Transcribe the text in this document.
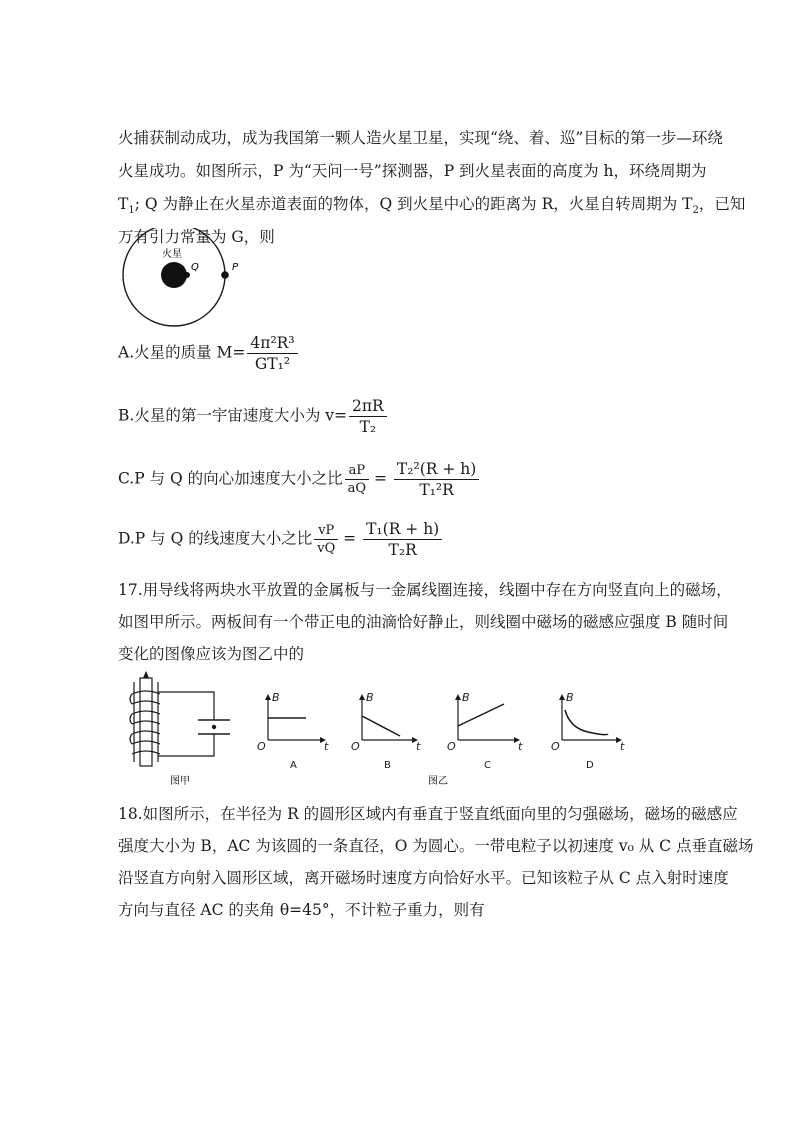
火捕获制动成功，成为我国第一颗人造火星卫星，实现“绕、着、巡”目标的第一步—环绕
火星成功。如图所示，P 为“天问一号”探测器，P 到火星表面的高度为 h，环绕周期为
$T_1$; Q 为静止在火星赤道表面的物体，Q 到火星中心的距离为 R，火星自转周期为 $T_2$，已知
万有引力常量为 G，则
火星
Q	P
A.火星的质量 $M= \frac{\text{4π²R³}}{\text{GT₁²}}$
B.火星的第一宇宙速度大小为 $v= \frac{2\pi R}{\text{T₂}}$
C.P 与 Q 的向心加速度大小之比 $\frac{aP}{aQ} = \frac{\text{T₂²(R + h)}}{\text{T₁²R}}$
D.P 与 Q 的线速度大小之比 $\frac{vP}{vQ} = \frac{\text{T₁(R + h)}}{\text{T₂R}}$
17.用导线将两块水平放置的金属板与一金属线圈连接，线圈中存在方向竖直向上的磁场，
如图甲所示。两板间有一个带正电的油滴恰好静止，则线圈中磁场的磁感应强度 B 随时间
变化的图像应该为图乙中的
图甲	图乙
B
O	t
B
O	t
B
O	t
B
O	t
A	B	C	D
18.如图所示，在半径为 R 的圆形区域内有垂直于竖直纸面向里的匀强磁场，磁场的磁感应
强度大小为 B，AC 为该圆的一条直径，O 为圆心。一带电粒子以初速度 v₀ 从 C 点垂直磁场
沿竖直方向射入圆形区域，离开磁场时速度方向恰好水平。已知该粒子从 C 点入射时速度
方向与直径 AC 的夹角 θ=45°，不计粒子重力，则有
